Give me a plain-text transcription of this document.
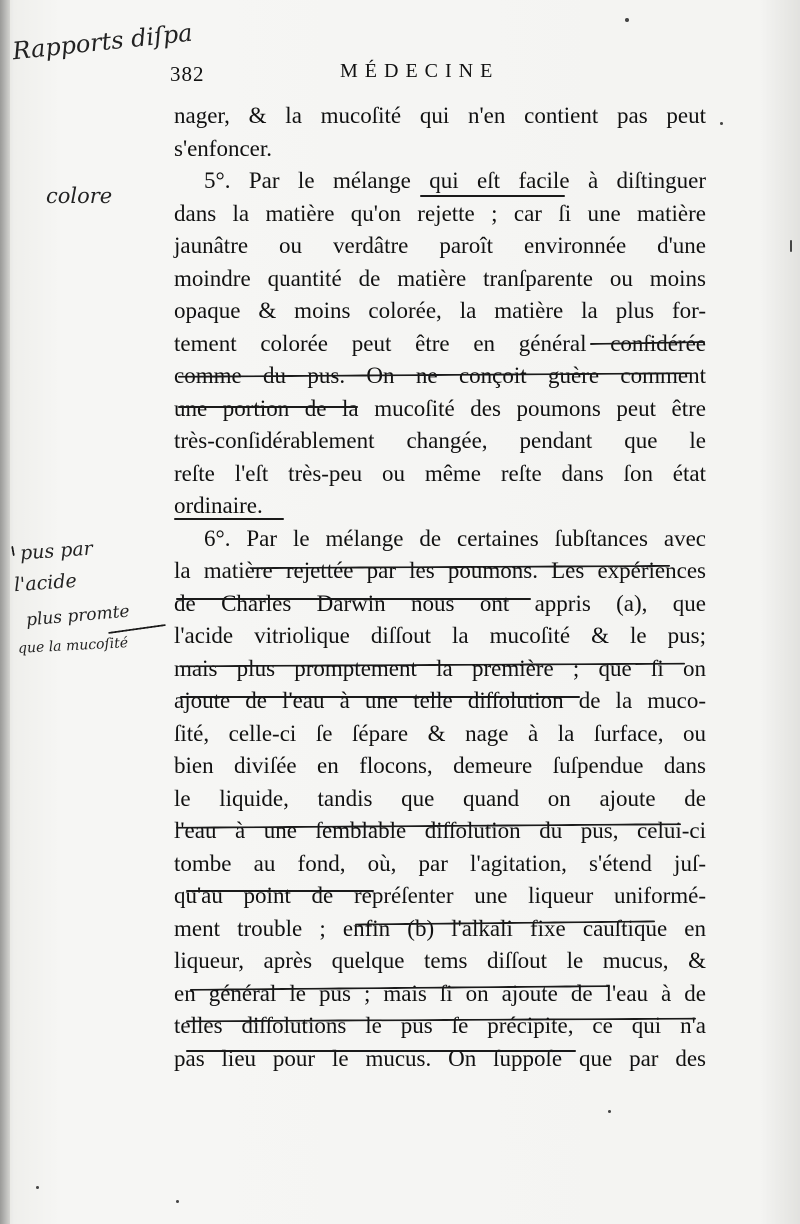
382	MÉDECINE
Rapports diſpa
colore
pus par
l'acide
plus promte
que la mucoſité
nager, & la mucoſité qui n'en contient pas peut
s'enfoncer.
5°. Par le mélange qui eſt facile à diſtinguer
dans la matière qu'on rejette ; car ſi une matière
jaunâtre ou verdâtre paroît environnée d'une
moindre quantité de matière tranſparente ou moins
opaque & moins colorée, la matière la plus for-
tement colorée peut être en général conſidérée
comme du pus. On ne conçoit guère comment
une portion de la mucoſité des poumons peut être
très-conſidérablement changée, pendant que le
reſte l'eſt très-peu ou même reſte dans ſon état
ordinaire.
6°. Par le mélange de certaines ſubſtances avec
la matière rejettée par les poumons. Les expériences
de Charles Darwin nous ont appris (a), que
l'acide vitriolique diſſout la mucoſité & le pus;
mais plus promptement la première ; que ſi on
ajoute de l'eau à une telle diſſolution de la muco-
ſité, celle-ci ſe ſépare & nage à la ſurface, ou
bien diviſée en flocons, demeure ſuſpendue dans
le liquide, tandis que quand on ajoute de
l'eau à une ſemblable diſſolution du pus, celui-ci
tombe au fond, où, par l'agitation, s'étend juſ-
qu'au point de repréſenter une liqueur uniformé-
ment trouble ; enfin (b) l'alkali fixe cauſtique en
liqueur, après quelque tems diſſout le mucus, &
en général le pus ; mais ſi on ajoute de l'eau à de
telles diſſolutions le pus ſe précipite, ce qui n'a
pas lieu pour le mucus. On ſuppoſe que par des
